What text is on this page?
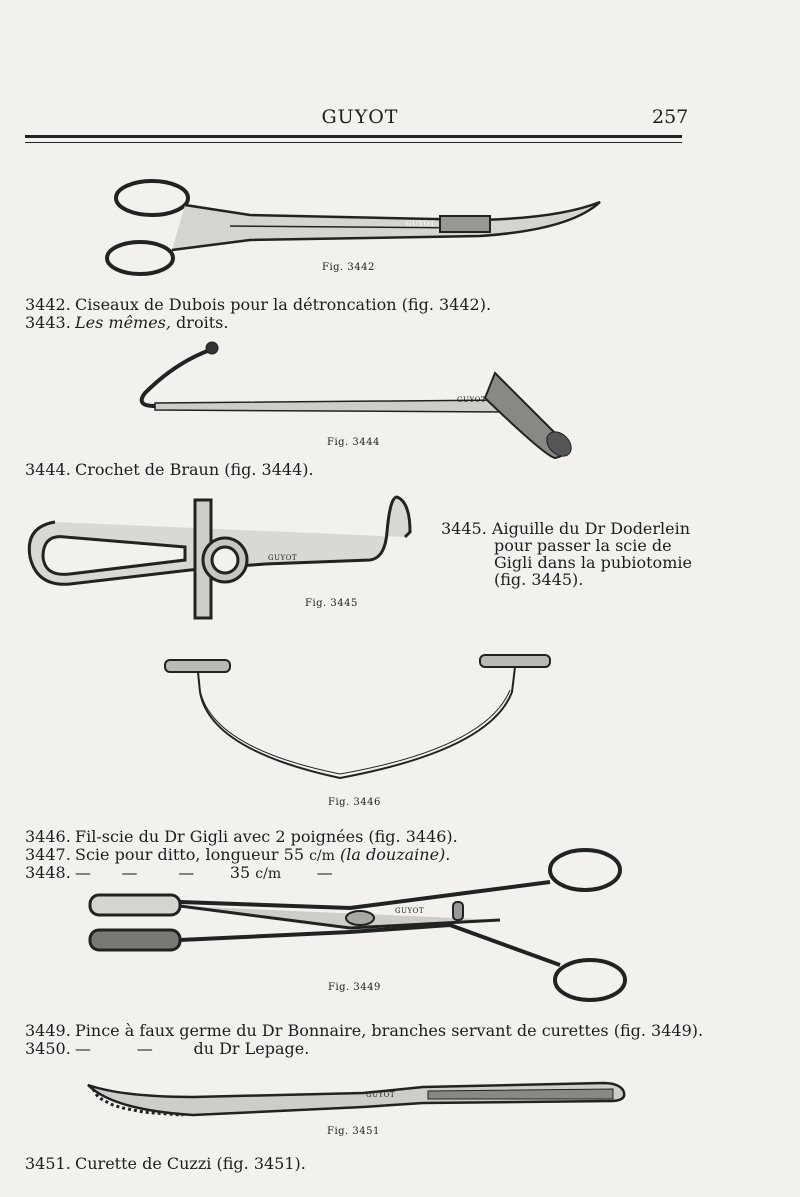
GUYOT	257
GUYOT
Fig. 3442
3442. Ciseaux de Dubois pour la détroncation (fig. 3442).
3443. Les mêmes, droits.
GUYOT
Fig. 3444
3444. Crochet de Braun (fig. 3444).
GUYOT
Fig. 3445
3445. Aiguille du Dr Doderlein
pour passer la scie de
Gigli dans la pubiotomie
(fig. 3445).
Fig. 3446
3446. Fil-scie du Dr Gigli avec 2 poignées (fig. 3446).
3447. Scie pour ditto, longueur 55 c/m (la douzaine).
3448. —      —        — 35 c/m —
GUYOT
Fig. 3449
3449. Pince à faux germe du Dr Bonnaire, branches servant de curettes (fig. 3449).
3450. —         —	du Dr Lepage.
GUYOT
Fig. 3451
3451. Curette de Cuzzi (fig. 3451).
